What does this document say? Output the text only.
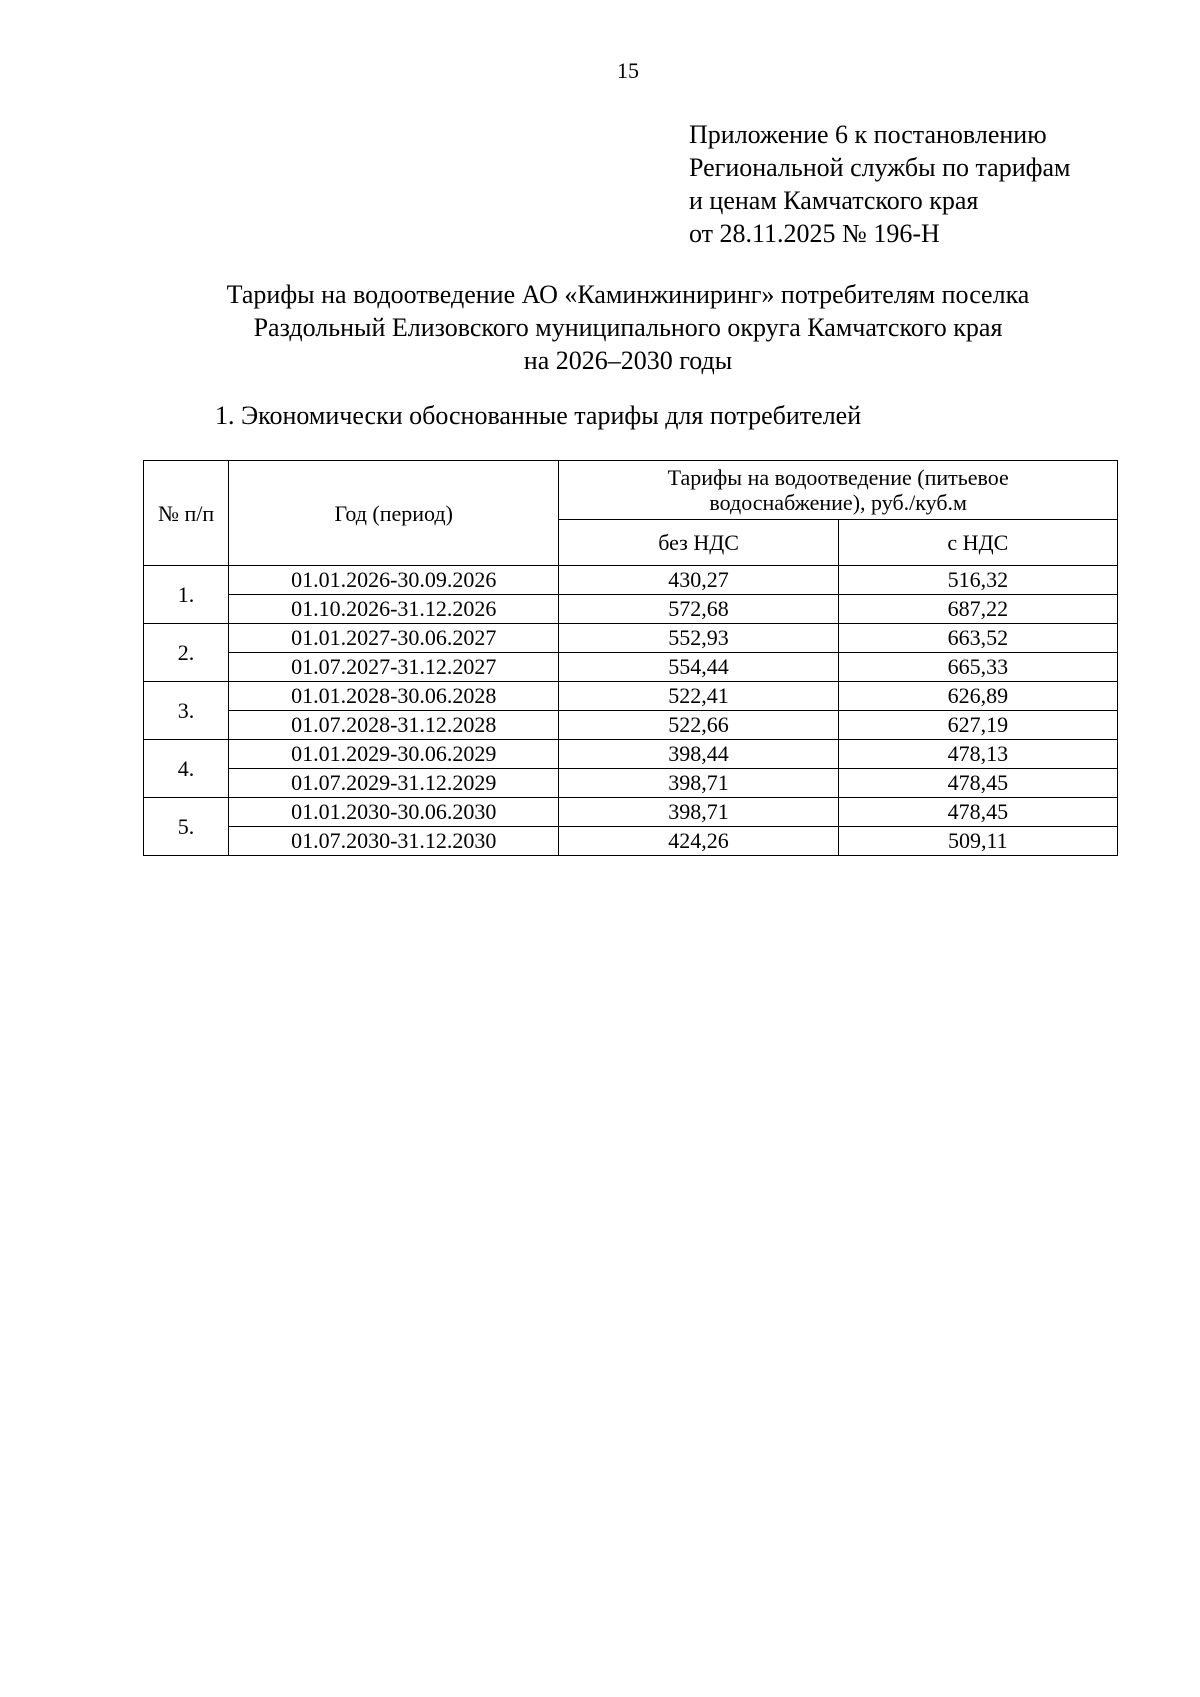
15
Приложение 6 к постановлению
Региональной службы по тарифам
и ценам Камчатского края
от 28.11.2025 № 196-Н
Тарифы на водоотведение АО «Каминжиниринг» потребителям поселка
Раздольный Елизовского муниципального округа Камчатского края
на 2026–2030 годы
1. Экономически обоснованные тарифы для потребителей
№ п/п	Год (период)	Тарифы на водоотведение (питьевое
водоснабжение), руб./куб.м	

		без НДС	с НДС
1.	01.01.2026-30.09.2026	430,27	516,32
	01.10.2026-31.12.2026	572,68	687,22
2.	01.01.2027-30.06.2027	552,93	663,52
	01.07.2027-31.12.2027	554,44	665,33
3.	01.01.2028-30.06.2028	522,41	626,89
	01.07.2028-31.12.2028	522,66	627,19
4.	01.01.2029-30.06.2029	398,44	478,13
	01.07.2029-31.12.2029	398,71	478,45
5.	01.01.2030-30.06.2030	398,71	478,45
	01.07.2030-31.12.2030	424,26	509,11
